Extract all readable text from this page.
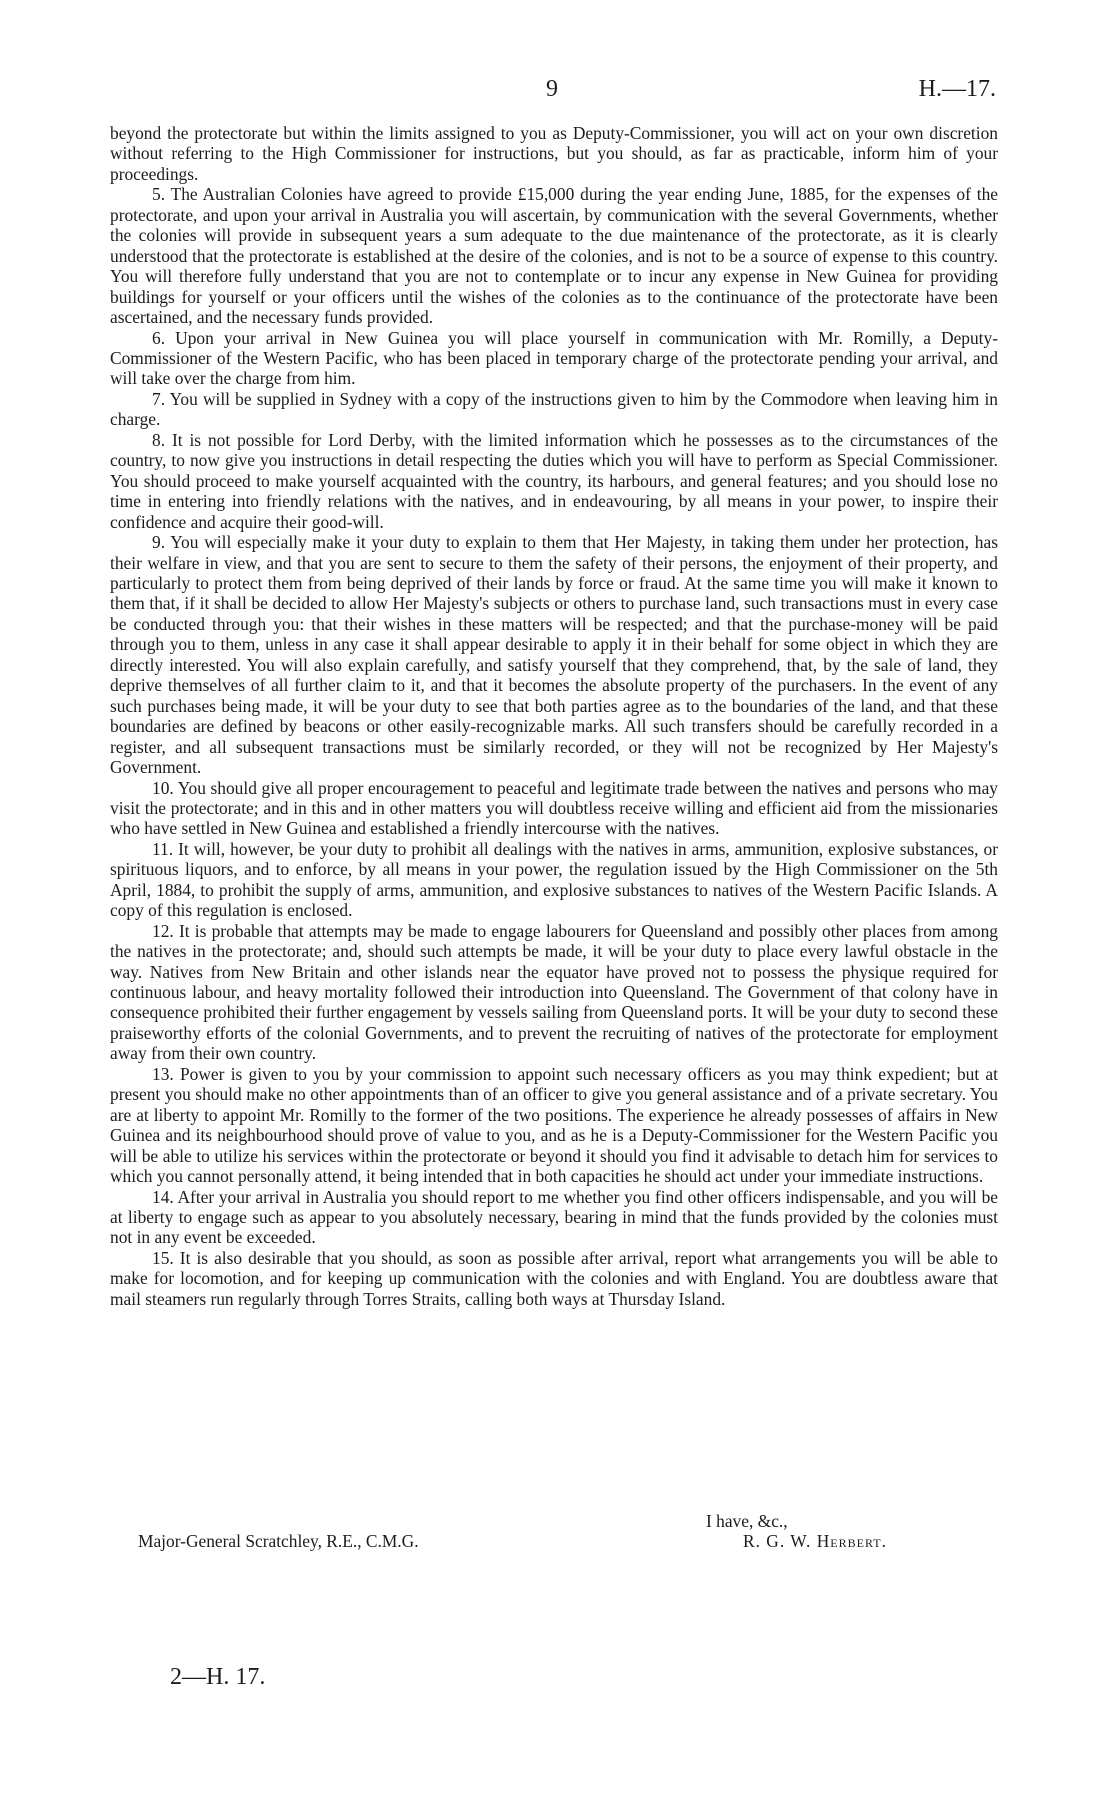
9	H.—17.

beyond the protectorate but within the limits assigned to you as Deputy-Commissioner, you will act on your own discretion without referring to the High Commissioner for instructions, but you should, as far as practicable, inform him of your proceedings.

5. The Australian Colonies have agreed to provide £15,000 during the year ending June, 1885, for the expenses of the protectorate, and upon your arrival in Australia you will ascertain, by communication with the several Governments, whether the colonies will provide in subsequent years a sum adequate to the due maintenance of the protectorate, as it is clearly understood that the protectorate is established at the desire of the colonies, and is not to be a source of expense to this country. You will therefore fully understand that you are not to contemplate or to incur any expense in New Guinea for providing buildings for yourself or your officers until the wishes of the colonies as to the continuance of the protectorate have been ascertained, and the necessary funds provided.

6. Upon your arrival in New Guinea you will place yourself in communication with Mr. Romilly, a Deputy-Commissioner of the Western Pacific, who has been placed in temporary charge of the protectorate pending your arrival, and will take over the charge from him.

7. You will be supplied in Sydney with a copy of the instructions given to him by the Commodore when leaving him in charge.

8. It is not possible for Lord Derby, with the limited information which he possesses as to the circumstances of the country, to now give you instructions in detail respecting the duties which you will have to perform as Special Commissioner. You should proceed to make yourself acquainted with the country, its harbours, and general features; and you should lose no time in entering into friendly relations with the natives, and in endeavouring, by all means in your power, to inspire their confidence and acquire their good-will.

9. You will especially make it your duty to explain to them that Her Majesty, in taking them under her protection, has their welfare in view, and that you are sent to secure to them the safety of their persons, the enjoyment of their property, and particularly to protect them from being deprived of their lands by force or fraud. At the same time you will make it known to them that, if it shall be decided to allow Her Majesty's subjects or others to purchase land, such transactions must in every case be conducted through you: that their wishes in these matters will be respected; and that the purchase-money will be paid through you to them, unless in any case it shall appear desirable to apply it in their behalf for some object in which they are directly interested. You will also explain carefully, and satisfy yourself that they comprehend, that, by the sale of land, they deprive themselves of all further claim to it, and that it becomes the absolute property of the purchasers. In the event of any such purchases being made, it will be your duty to see that both parties agree as to the boundaries of the land, and that these boundaries are defined by beacons or other easily-recognizable marks. All such transfers should be carefully recorded in a register, and all subsequent transactions must be similarly recorded, or they will not be recognized by Her Majesty's Government.

10. You should give all proper encouragement to peaceful and legitimate trade between the natives and persons who may visit the protectorate; and in this and in other matters you will doubtless receive willing and efficient aid from the missionaries who have settled in New Guinea and established a friendly intercourse with the natives.

11. It will, however, be your duty to prohibit all dealings with the natives in arms, ammunition, explosive substances, or spirituous liquors, and to enforce, by all means in your power, the regulation issued by the High Commissioner on the 5th April, 1884, to prohibit the supply of arms, ammunition, and explosive substances to natives of the Western Pacific Islands. A copy of this regulation is enclosed.

12. It is probable that attempts may be made to engage labourers for Queensland and possibly other places from among the natives in the protectorate; and, should such attempts be made, it will be your duty to place every lawful obstacle in the way. Natives from New Britain and other islands near the equator have proved not to possess the physique required for continuous labour, and heavy mortality followed their introduction into Queensland. The Government of that colony have in consequence prohibited their further engagement by vessels sailing from Queensland ports. It will be your duty to second these praiseworthy efforts of the colonial Governments, and to prevent the recruiting of natives of the protectorate for employment away from their own country.

13. Power is given to you by your commission to appoint such necessary officers as you may think expedient; but at present you should make no other appointments than of an officer to give you general assistance and of a private secretary. You are at liberty to appoint Mr. Romilly to the former of the two positions. The experience he already possesses of affairs in New Guinea and its neighbourhood should prove of value to you, and as he is a Deputy-Commissioner for the Western Pacific you will be able to utilize his services within the protectorate or beyond it should you find it advisable to detach him for services to which you cannot personally attend, it being intended that in both capacities he should act under your immediate instructions.

14. After your arrival in Australia you should report to me whether you find other officers indispensable, and you will be at liberty to engage such as appear to you absolutely necessary, bearing in mind that the funds provided by the colonies must not in any event be exceeded.

15. It is also desirable that you should, as soon as possible after arrival, report what arrangements you will be able to make for locomotion, and for keeping up communication with the colonies and with England. You are doubtless aware that mail steamers run regularly through Torres Straits, calling both ways at Thursday Island.

I have, &c.,
Major-General Scratchley, R.E., C.M.G.	R. G. W. Herbert.
2—H. 17.
